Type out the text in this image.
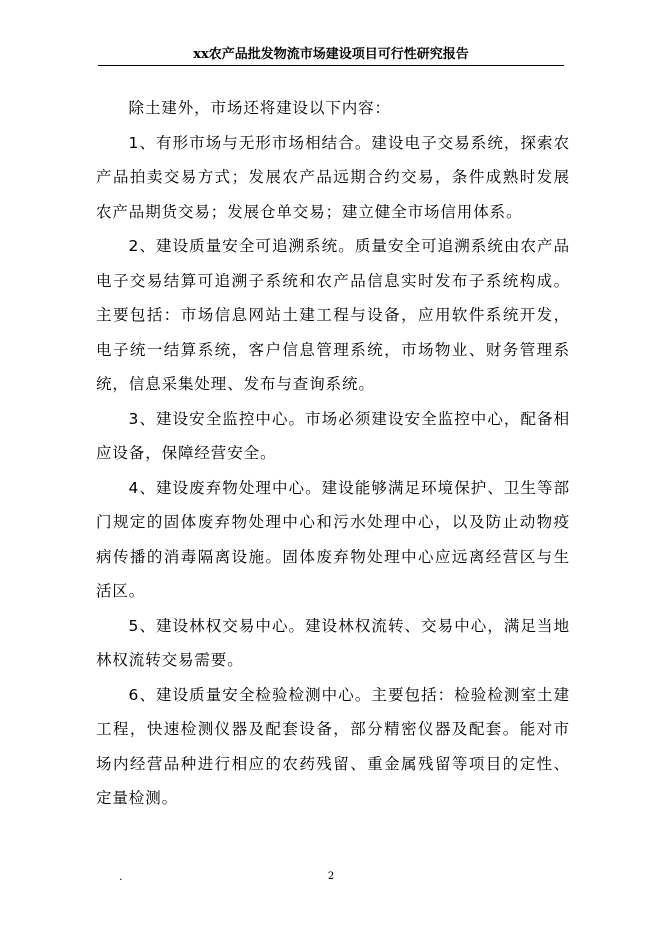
xx农产品批发物流市场建设项目可行性研究报告

除土建外，市场还将建设以下内容：

1、有形市场与无形市场相结合。建设电子交易系统，探索农产品拍卖交易方式；发展农产品远期合约交易，条件成熟时发展农产品期货交易；发展仓单交易；建立健全市场信用体系。

2、建设质量安全可追溯系统。质量安全可追溯系统由农产品电子交易结算可追溯子系统和农产品信息实时发布子系统构成。主要包括：市场信息网站土建工程与设备，应用软件系统开发，电子统一结算系统，客户信息管理系统，市场物业、财务管理系统，信息采集处理、发布与查询系统。

3、建设安全监控中心。市场必须建设安全监控中心，配备相应设备，保障经营安全。

4、建设废弃物处理中心。建设能够满足环境保护、卫生等部门规定的固体废弃物处理中心和污水处理中心，以及防止动物疫病传播的消毒隔离设施。固体废弃物处理中心应远离经营区与生活区。

5、建设林权交易中心。建设林权流转、交易中心，满足当地林权流转交易需要。

6、建设质量安全检验检测中心。主要包括：检验检测室土建工程，快速检测仪器及配套设备，部分精密仪器及配套。能对市场内经营品种进行相应的农药残留、重金属残留等项目的定性、定量检测。

.	2
